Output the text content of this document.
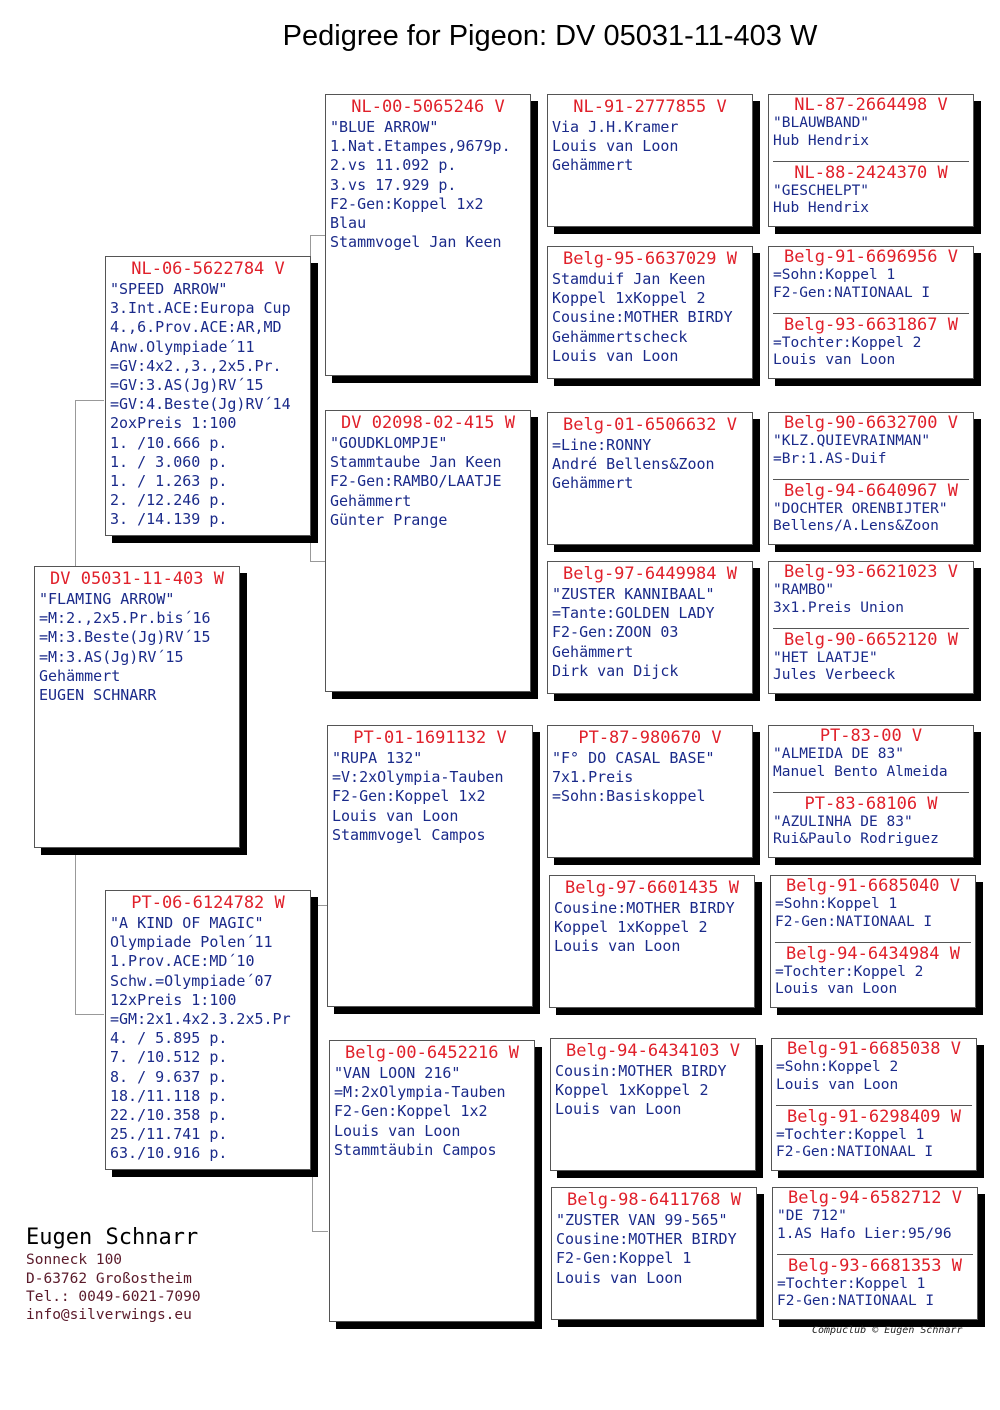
Pedigree for Pigeon: DV 05031-11-403 W
DV 05031-11-403 W
"FLAMING ARROW"
=M:2.,2x5.Pr.bis´16
=M:3.Beste(Jg)RV´15
=M:3.AS(Jg)RV´15
Gehämmert
EUGEN SCHNARR
NL-06-5622784 V
"SPEED ARROW"
3.Int.ACE:Europa Cup
4.,6.Prov.ACE:AR,MD
Anw.Olympiade´11
=GV:4x2.,3.,2x5.Pr.
=GV:3.AS(Jg)RV´15
=GV:4.Beste(Jg)RV´14
2oxPreis 1:100
1. /10.666 p.
1. / 3.060 p.
1. / 1.263 p.
2. /12.246 p.
3. /14.139 p.
PT-06-6124782 W
"A KIND OF MAGIC"
Olympiade Polen´11
1.Prov.ACE:MD´10
Schw.=Olympiade´07
12xPreis 1:100
=GM:2x1.4x2.3.2x5.Pr
4. / 5.895 p.
7. /10.512 p.
8. / 9.637 p.
18./11.118 p.
22./10.358 p.
25./11.741 p.
63./10.916 p.
NL-00-5065246 V
"BLUE ARROW"
1.Nat.Etampes,9679p.
2.vs 11.092 p.
3.vs 17.929 p.
F2-Gen:Koppel 1x2
Blau
Stammvogel Jan Keen
DV 02098-02-415 W
"GOUDKLOMPJE"
Stammtaube Jan Keen
F2-Gen:RAMBO/LAATJE
Gehämmert
Günter Prange
PT-01-1691132 V
"RUPA 132"
=V:2xOlympia-Tauben
F2-Gen:Koppel 1x2
Louis van Loon
Stammvogel Campos
Belg-00-6452216 W
"VAN LOON 216"
=M:2xOlympia-Tauben
F2-Gen:Koppel 1x2
Louis van Loon
Stammtäubin Campos
NL-91-2777855 V
Via J.H.Kramer
Louis van Loon
Gehämmert
Belg-95-6637029 W
Stamduif Jan Keen
Koppel 1xKoppel 2
Cousine:MOTHER BIRDY
Gehämmertscheck
Louis van Loon
Belg-01-6506632 V
=Line:RONNY
André Bellens&Zoon
Gehämmert
Belg-97-6449984 W
"ZUSTER KANNIBAAL"
=Tante:GOLDEN LADY
F2-Gen:ZOON 03
Gehämmert
Dirk van Dijck
PT-87-980670 V
"F° DO CASAL BASE"
7x1.Preis
=Sohn:Basiskoppel
Belg-97-6601435 W
Cousine:MOTHER BIRDY
Koppel 1xKoppel 2
Louis van Loon
Belg-94-6434103 V
Cousin:MOTHER BIRDY
Koppel 1xKoppel 2
Louis van Loon
Belg-98-6411768 W
"ZUSTER VAN 99-565"
Cousine:MOTHER BIRDY
F2-Gen:Koppel 1
Louis van Loon
NL-87-2664498 V
"BLAUWBAND"
Hub Hendrix
NL-88-2424370 W
"GESCHELPT"
Hub Hendrix
Belg-91-6696956 V
=Sohn:Koppel 1
F2-Gen:NATIONAAL I
Belg-93-6631867 W
=Tochter:Koppel 2
Louis van Loon
Belg-90-6632700 V
"KLZ.QUIEVRAINMAN"
=Br:1.AS-Duif
Belg-94-6640967 W
"DOCHTER ORENBIJTER"
Bellens/A.Lens&Zoon
Belg-93-6621023 V
"RAMBO"
3x1.Preis Union
Belg-90-6652120 W
"HET LAATJE"
Jules Verbeeck
PT-83-00 V
"ALMEIDA DE 83"
Manuel Bento Almeida
PT-83-68106 W
"AZULINHA DE 83"
Rui&Paulo Rodriguez
Belg-91-6685040 V
=Sohn:Koppel 1
F2-Gen:NATIONAAL I
Belg-94-6434984 W
=Tochter:Koppel 2
Louis van Loon
Belg-91-6685038 V
=Sohn:Koppel 2
Louis van Loon
Belg-91-6298409 W
=Tochter:Koppel 1
F2-Gen:NATIONAAL I
Belg-94-6582712 V
"DE 712"
1.AS Hafo Lier:95/96
Belg-93-6681353 W
=Tochter:Koppel 1
F2-Gen:NATIONAAL I
Eugen Schnarr
Sonneck 100
D-63762 Großostheim
Tel.: 0049-6021-7090
info@silverwings.eu
Compuclub © Eugen Schnarr
